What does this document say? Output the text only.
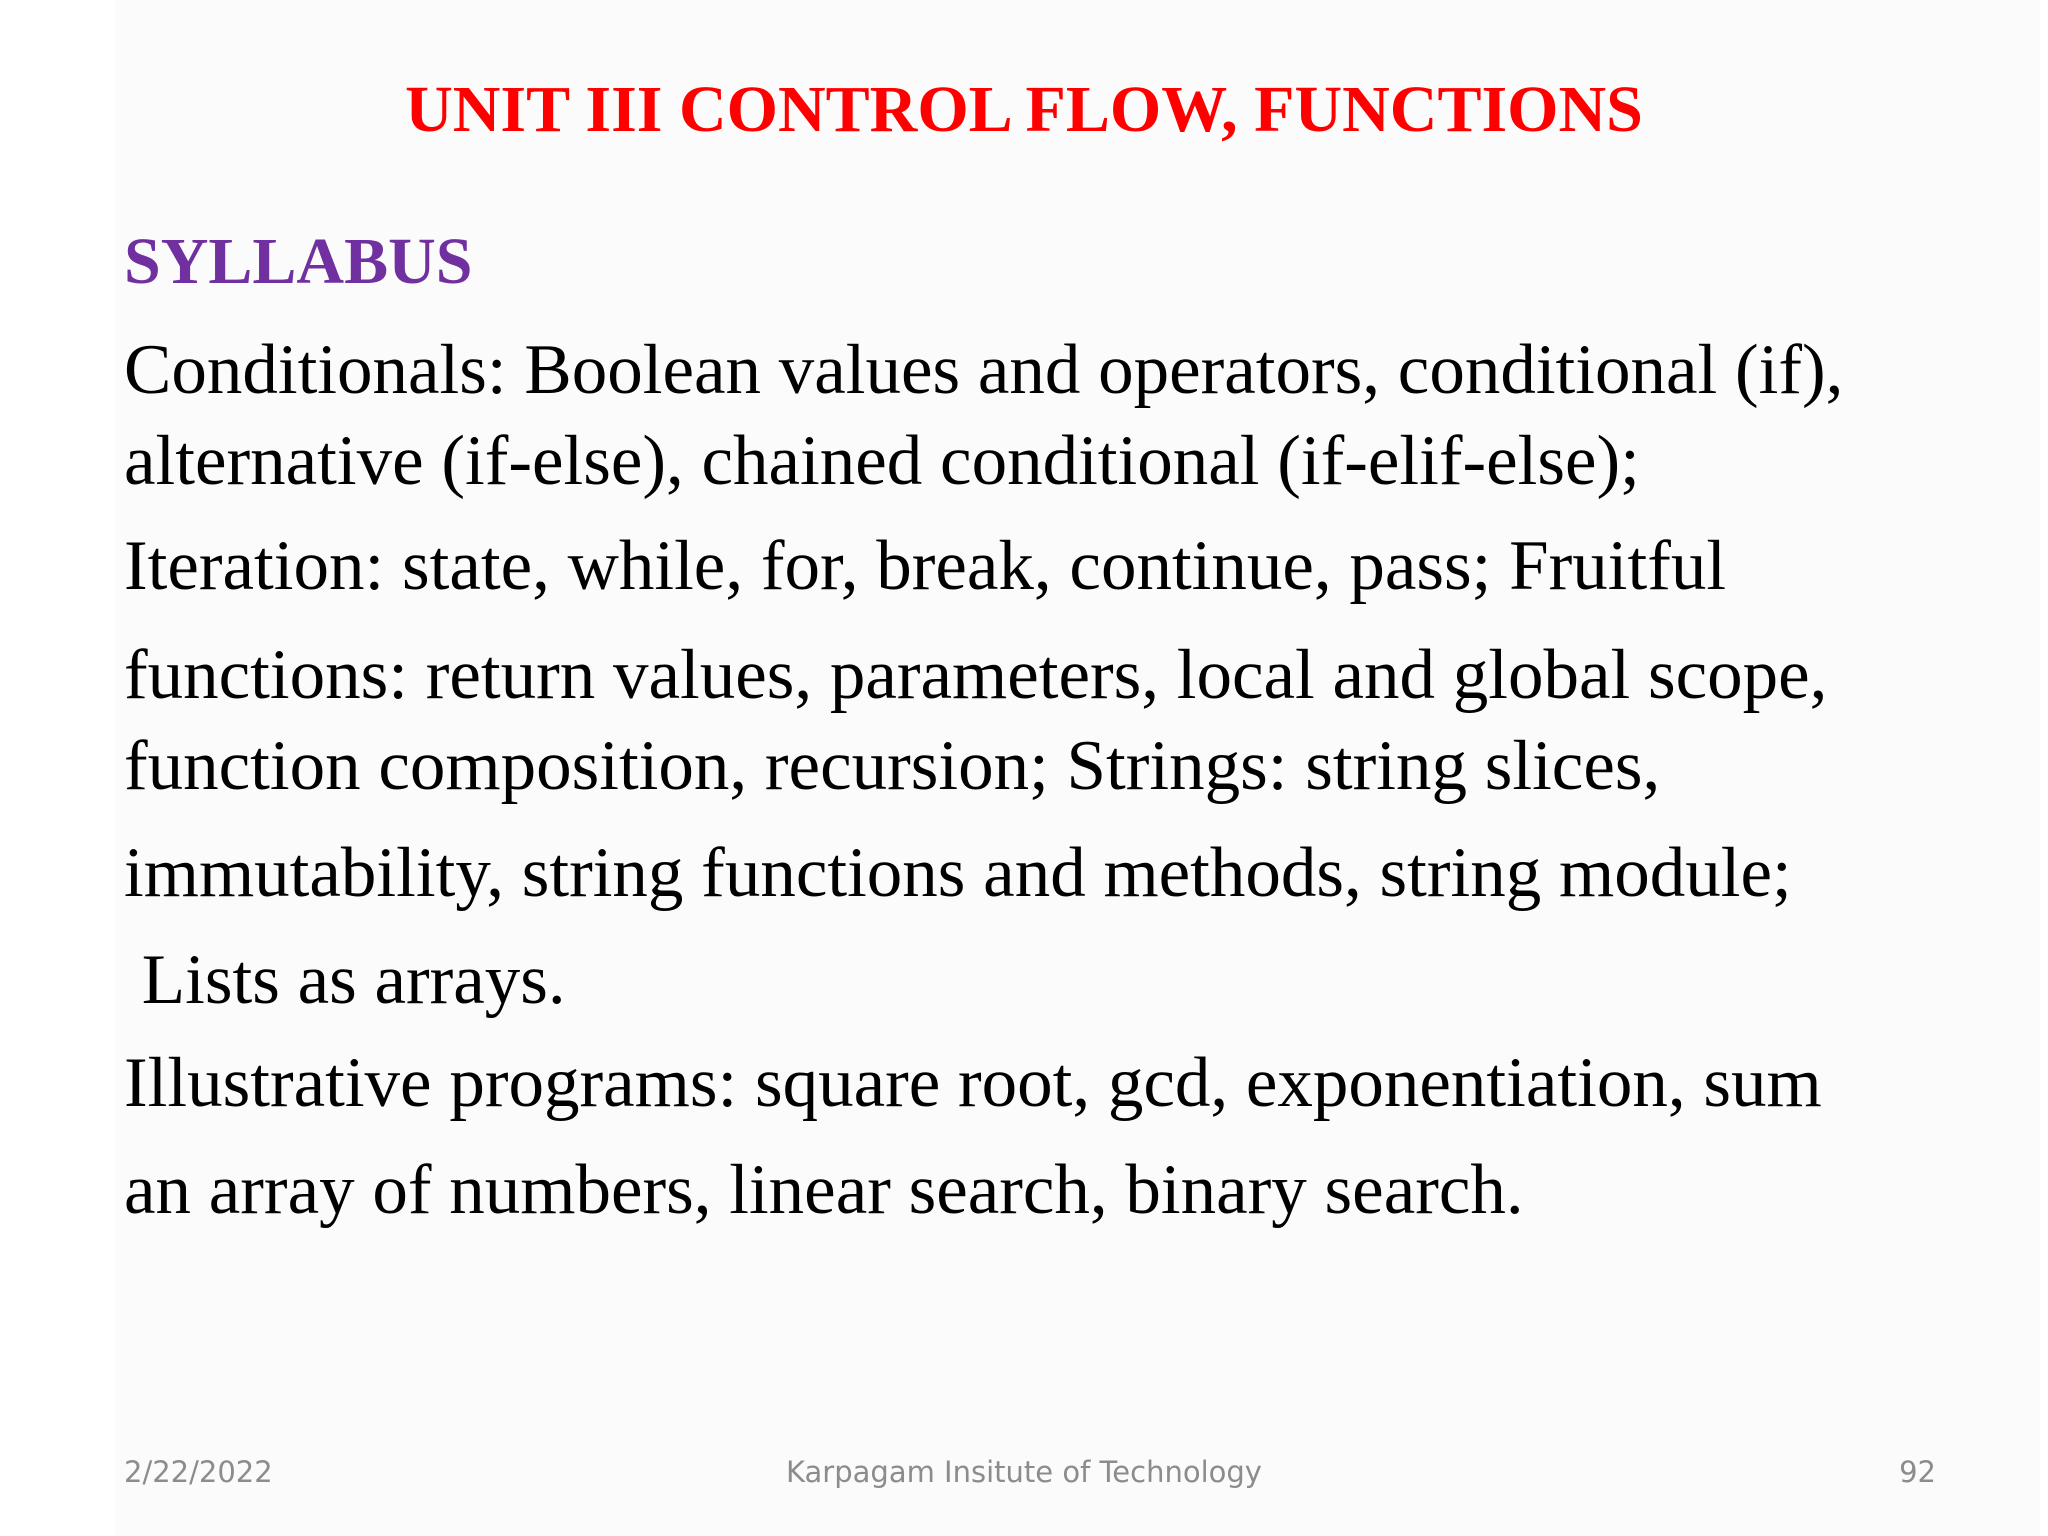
UNIT III CONTROL FLOW, FUNCTIONS
SYLLABUS
Conditionals: Boolean values and operators, conditional (if),
alternative (if-else), chained conditional (if-elif-else);
Iteration: state, while, for, break, continue, pass; Fruitful
functions: return values, parameters, local and global scope,
function composition, recursion; Strings: string slices,
immutability, string functions and methods, string module;
Lists as arrays.
Illustrative programs: square root, gcd, exponentiation, sum
an array of numbers, linear search, binary search.
2/22/2022	Karpagam Insitute of Technology	92
